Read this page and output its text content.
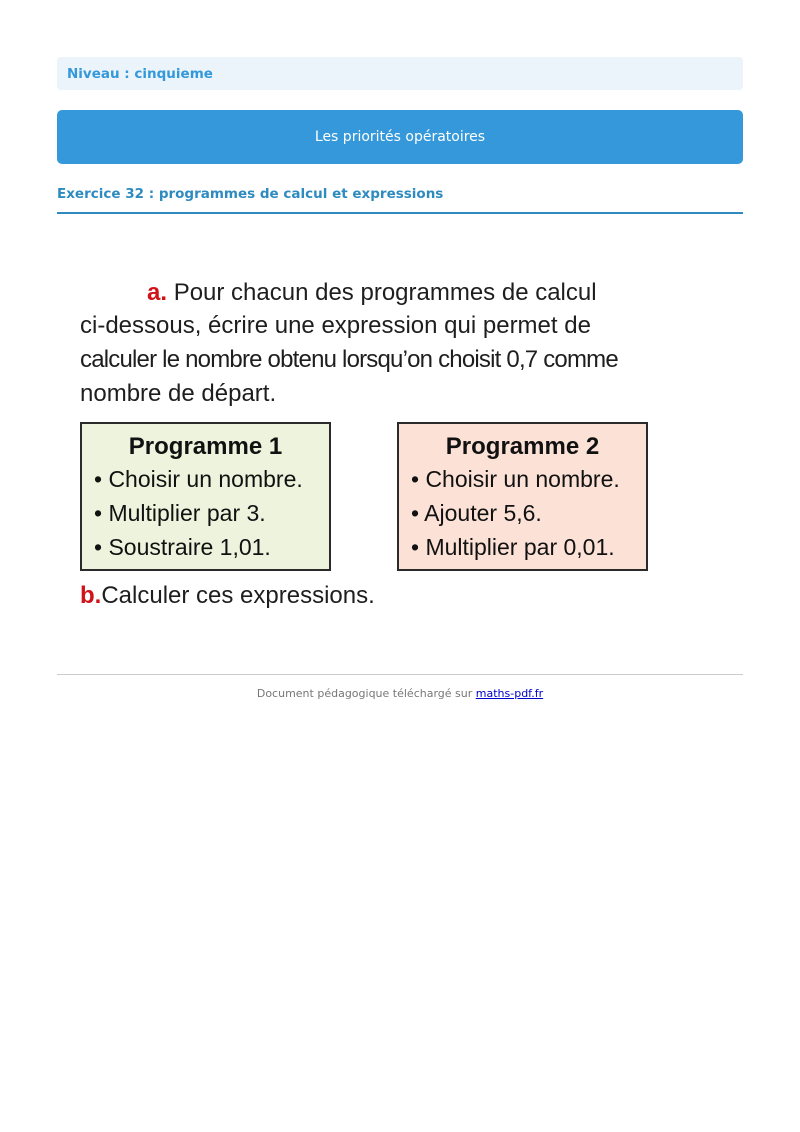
Niveau : cinquieme
Les priorités opératoires
Exercice 32 : programmes de calcul et expressions
a. Pour chacun des programmes de calcul
ci-dessous, écrire une expression qui permet de
calculer le nombre obtenu lorsqu’on choisit 0,7 comme
nombre de départ.
Programme 1
• Choisir un nombre.
• Multiplier par 3.
• Soustraire 1,01.
Programme 2
• Choisir un nombre.
• Ajouter 5,6.
• Multiplier par 0,01.
b.Calculer ces expressions.
Document pédagogique téléchargé sur maths-pdf.fr
